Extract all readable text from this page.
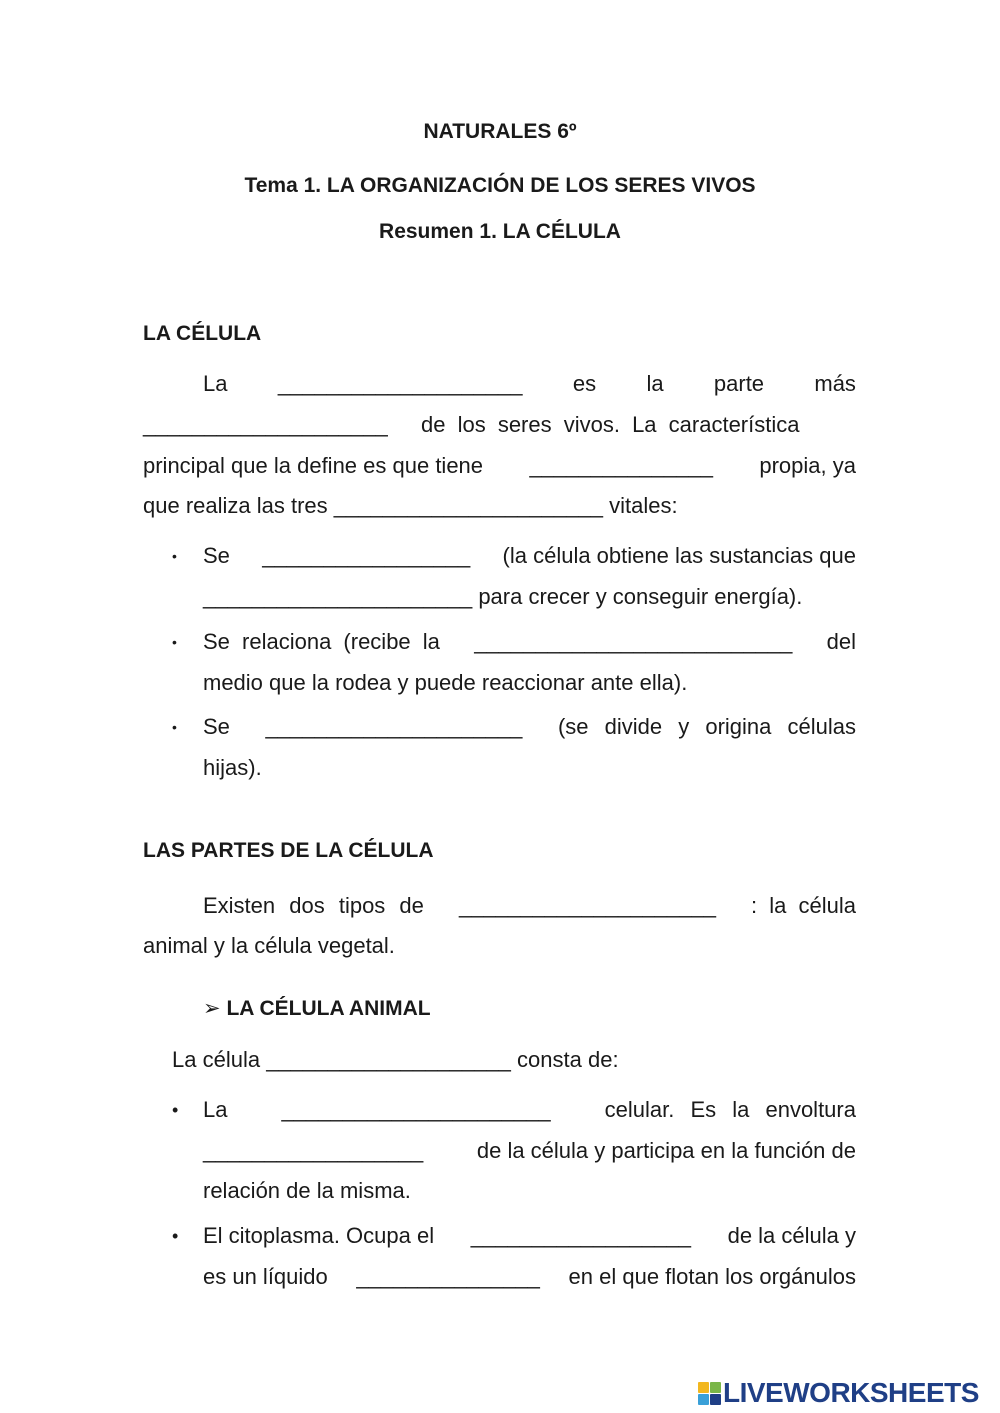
NATURALES 6º
Tema 1. LA ORGANIZACIÓN DE LOS SERES VIVOS
Resumen 1. LA CÉLULA
LA CÉLULA
La ____________________ es la parte más
____________________ de los seres vivos. La característica
principal que la define es que tiene _______________ propia, ya
que realiza las tres ______________________ vitales:
• Se _________________ (la célula obtiene las sustancias que
______________________ para crecer y conseguir energía).
• Se relaciona (recibe la __________________________ del
medio que la rodea y puede reaccionar ante ella).
• Se _____________________ (se divide y origina células
hijas).
LAS PARTES DE LA CÉLULA
Existen dos tipos de _____________________ : la célula
animal y la célula vegetal.
➢ LA CÉLULA ANIMAL
La célula ____________________ consta de:
• La ______________________ celular. Es la envoltura
__________________ de la célula y participa en la función de
relación de la misma.
• El citoplasma. Ocupa el __________________ de la célula y
es un líquido _______________ en el que flotan los orgánulos
LIVEWORKSHEETS
